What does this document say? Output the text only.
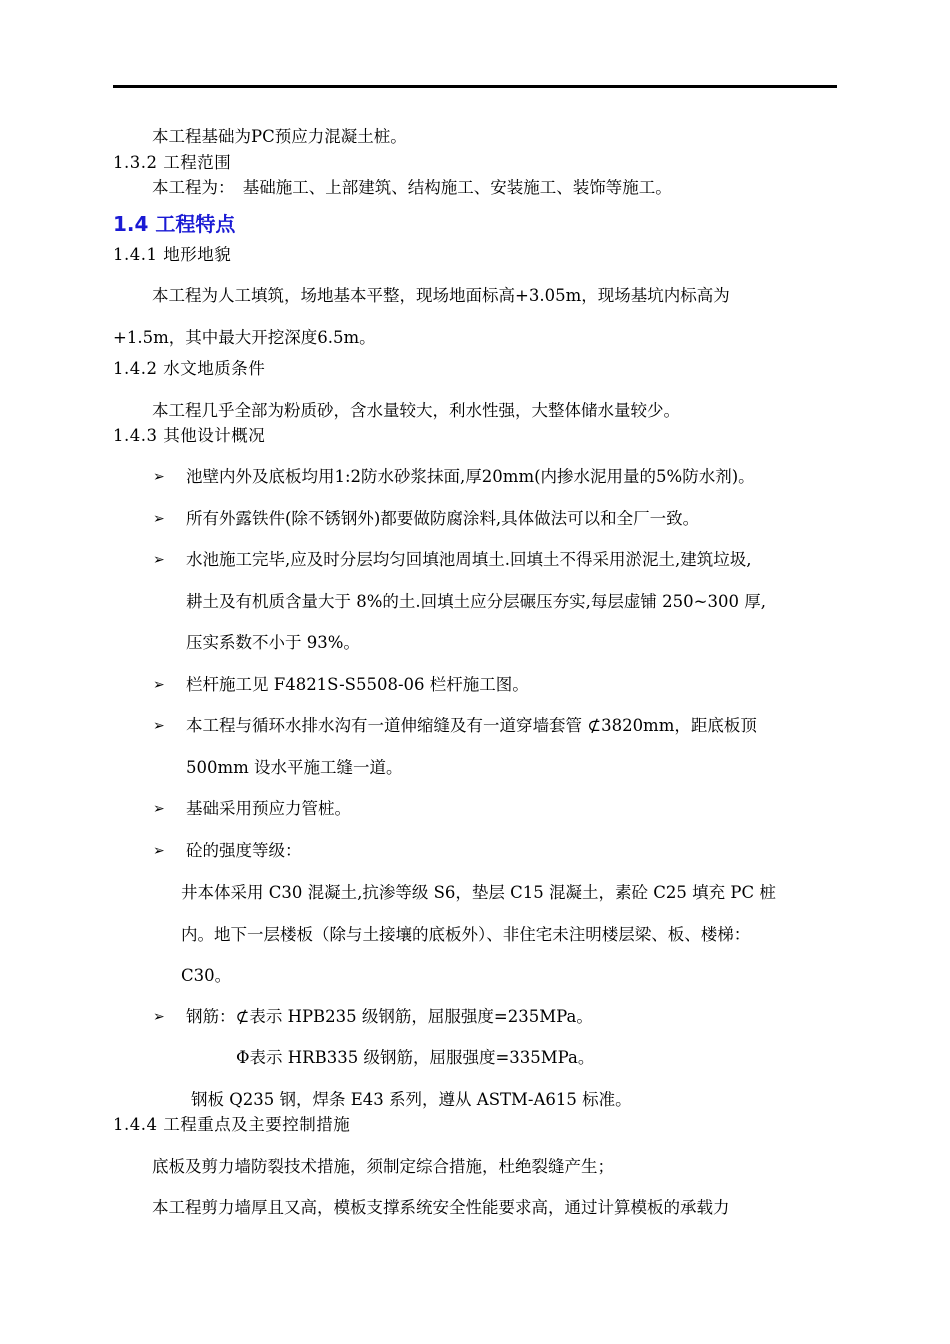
本工程基础为PC预应力混凝土桩。
1.3.2 工程范围
本工程为：　基础施工、上部建筑、结构施工、安装施工、装饰等施工。
1.4 工程特点
1.4.1 地形地貌
本工程为人工填筑，场地基本平整，现场地面标高+3.05m，现场基坑内标高为
+1.5m，其中最大开挖深度6.5m。
1.4.2 水文地质条件
本工程几乎全部为粉质砂，含水量较大，利水性强，大整体储水量较少。
1.4.3 其他设计概况
➢ 池壁内外及底板均用1:2防水砂浆抹面,厚20mm(内掺水泥用量的5%防水剂)。
➢ 所有外露铁件(除不锈钢外)都要做防腐涂料,具体做法可以和全厂一致。
➢ 水池施工完毕,应及时分层均匀回填池周填土.回填土不得采用淤泥土,建筑垃圾,
耕土及有机质含量大于 8%的土.回填土应分层碾压夯实,每层虚铺 250~300 厚,
压实系数不小于 93%。
➢ 栏杆施工见 F4821S-S5508-06 栏杆施工图。
➢ 本工程与循环水排水沟有一道伸缩缝及有一道穿墙套管 ⊄3820mm，距底板顶
500mm 设水平施工缝一道。
➢ 基础采用预应力管桩。
➢ 砼的强度等级：
井本体采用 C30 混凝土,抗渗等级 S6，垫层 C15 混凝土，素砼 C25 填充 PC 桩
内。地下一层楼板（除与土接壤的底板外）、非住宅未注明楼层梁、板、楼梯：
C30。
➢ 钢筋：⊄表示 HPB235 级钢筋，屈服强度=235MPa。
Φ表示 HRB335 级钢筋，屈服强度=335MPa。
钢板 Q235 钢，焊条 E43 系列，遵从 ASTM-A615 标准。
1.4.4 工程重点及主要控制措施
底板及剪力墙防裂技术措施，须制定综合措施，杜绝裂缝产生；
本工程剪力墙厚且又高，模板支撑系统安全性能要求高，通过计算模板的承载力
